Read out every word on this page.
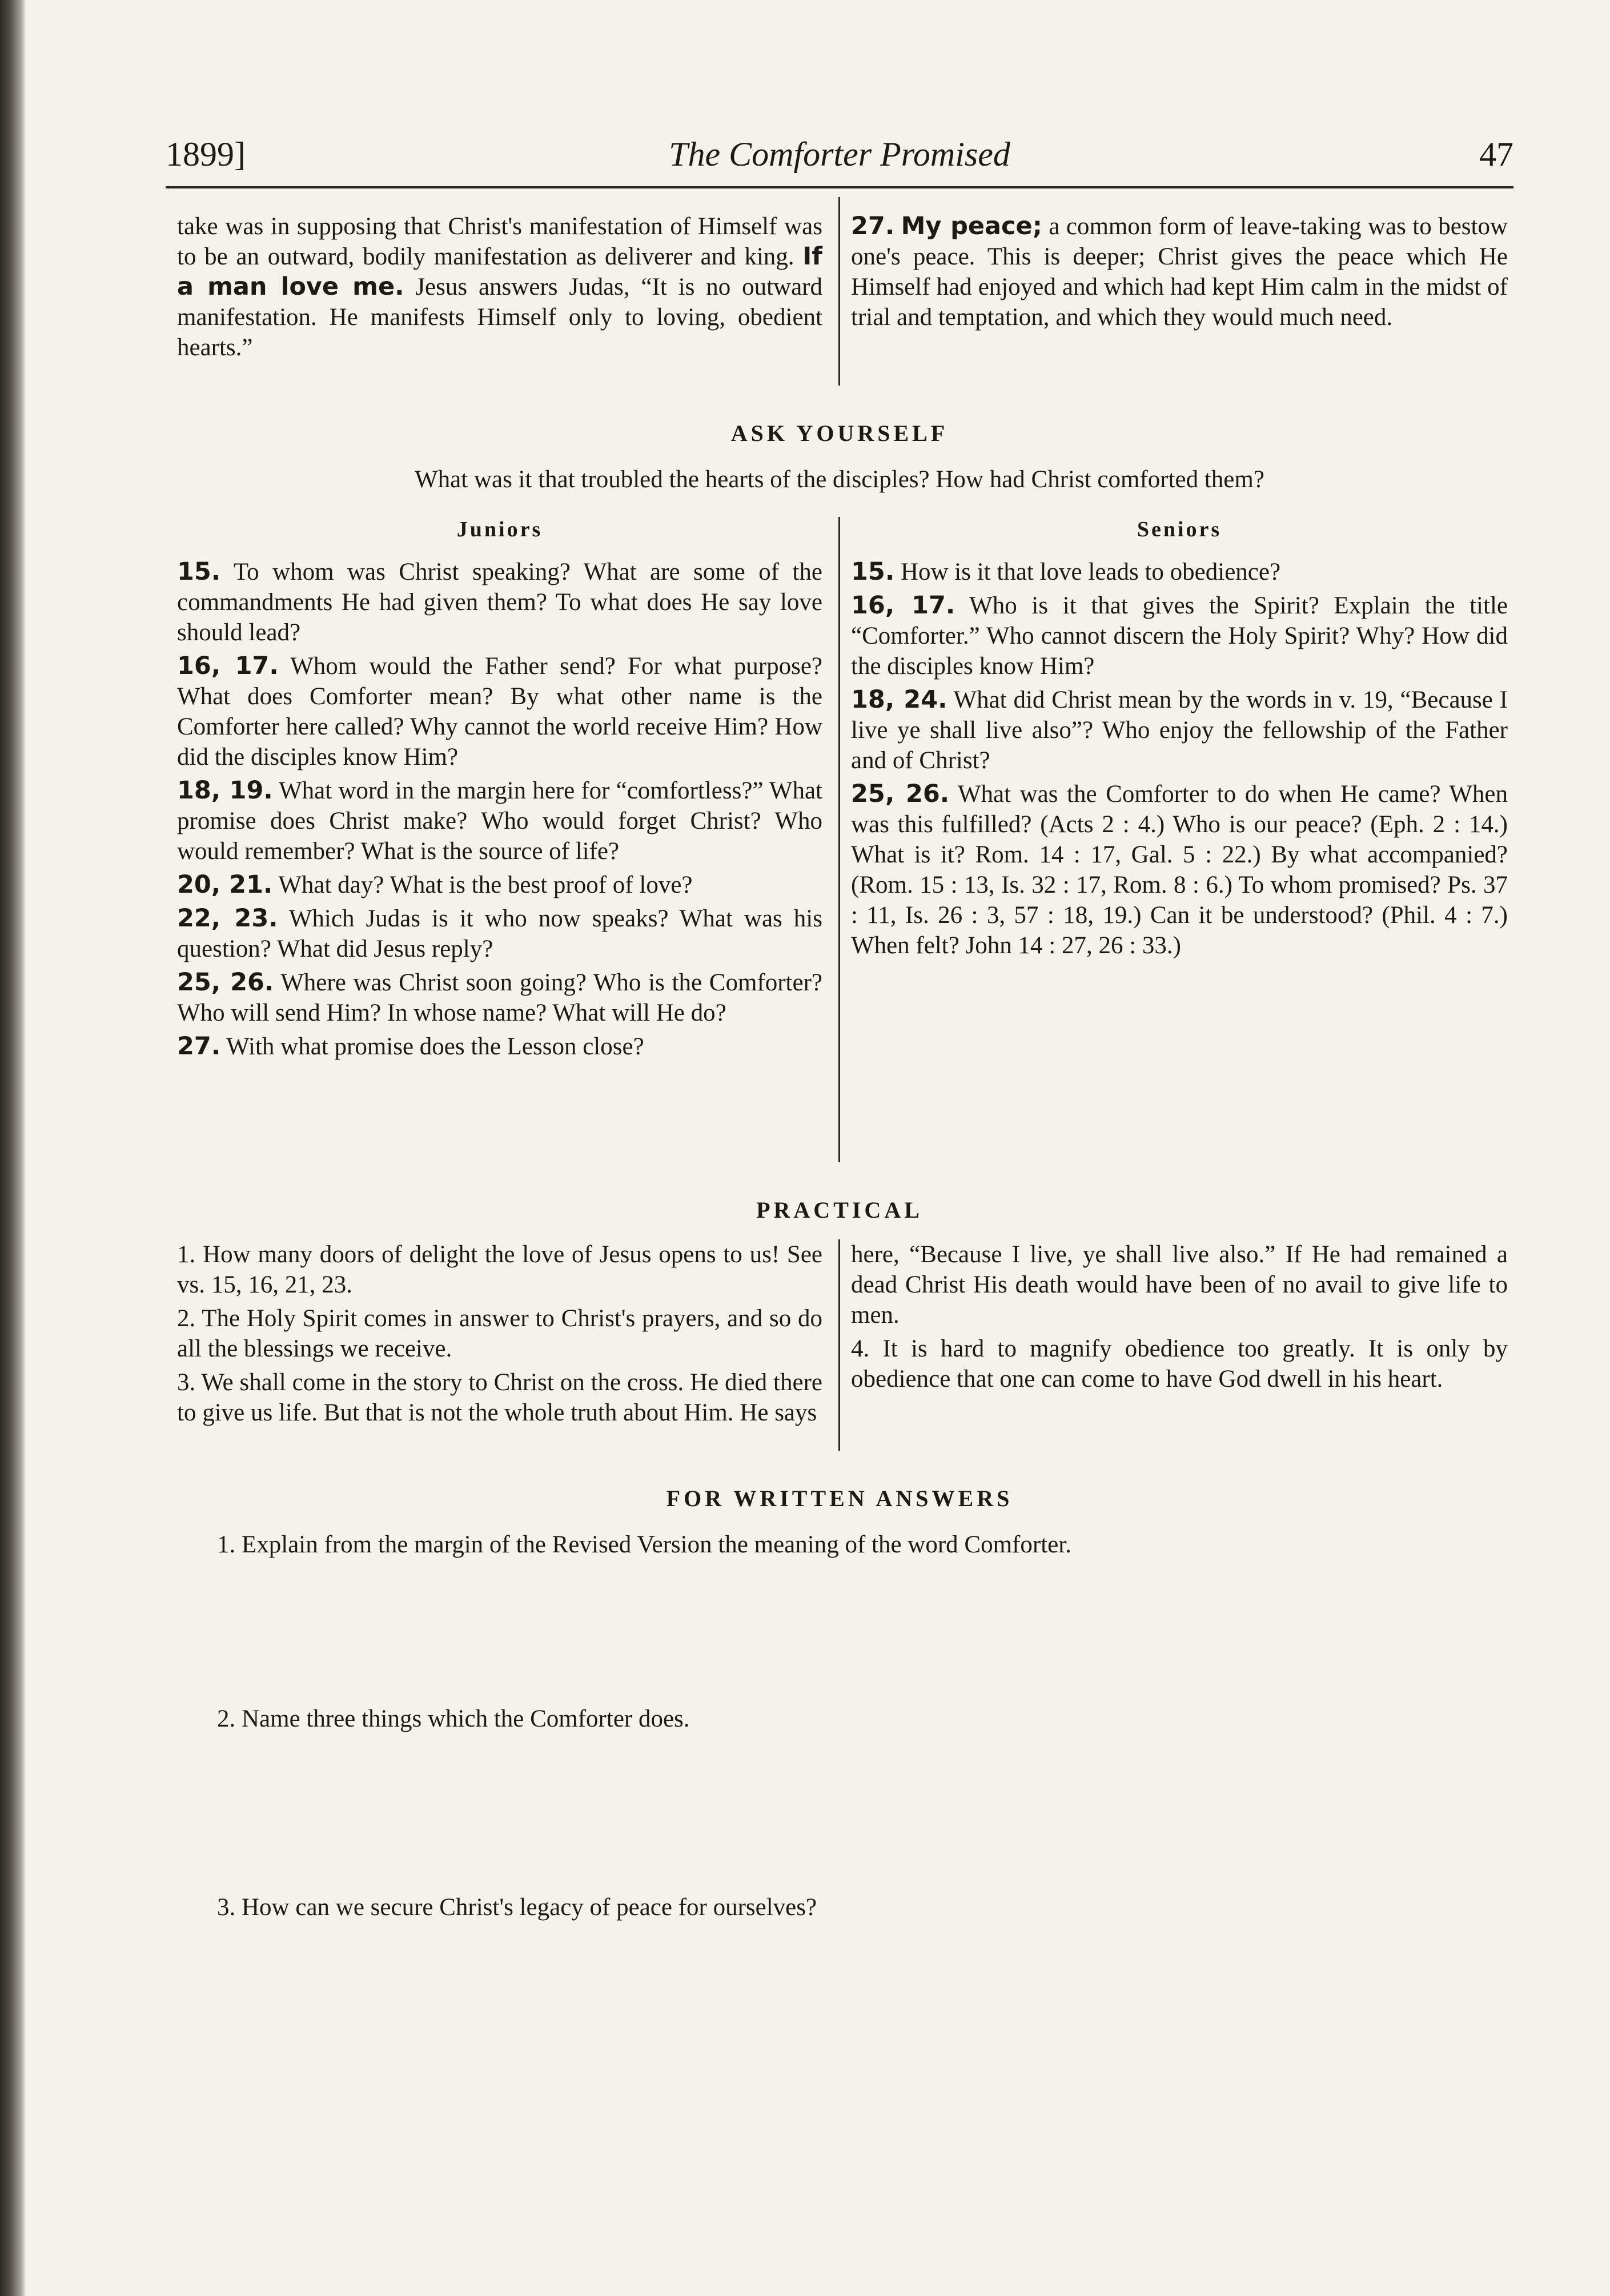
1899]	The Comforter Promised	47

take was in supposing that Christ's manifestation of Himself was to be an outward, bodily manifestation as deliverer and king. If a man love me. Jesus answers Judas, “It is no outward manifestation. He manifests Himself only to loving, obedient hearts.”

27. My peace; a common form of leave-taking was to bestow one's peace. This is deeper; Christ gives the peace which He Himself had enjoyed and which had kept Him calm in the midst of trial and temptation, and which they would much need.

ASK YOURSELF
What was it that troubled the hearts of the disciples? How had Christ comforted them?
Juniors	Seniors

15. To whom was Christ speaking? What are some of the commandments He had given them? To what does He say love should lead?

16, 17. Whom would the Father send? For what purpose? What does Comforter mean? By what other name is the Comforter here called? Why cannot the world receive Him? How did the disciples know Him?

18, 19. What word in the margin here for “comfortless?” What promise does Christ make? Who would forget Christ? Who would remember? What is the source of life?

20, 21. What day? What is the best proof of love?

22, 23. Which Judas is it who now speaks? What was his question? What did Jesus reply?

25, 26. Where was Christ soon going? Who is the Comforter? Who will send Him? In whose name? What will He do?

27. With what promise does the Lesson close?

15. How is it that love leads to obedience?

16, 17. Who is it that gives the Spirit? Explain the title “Comforter.” Who cannot discern the Holy Spirit? Why? How did the disciples know Him?

18, 24. What did Christ mean by the words in v. 19, “Because I live ye shall live also”? Who enjoy the fellowship of the Father and of Christ?

25, 26. What was the Comforter to do when He came? When was this fulfilled? (Acts 2 : 4.) Who is our peace? (Eph. 2 : 14.) What is it? Rom. 14 : 17, Gal. 5 : 22.) By what accompanied? (Rom. 15 : 13, Is. 32 : 17, Rom. 8 : 6.) To whom promised? Ps. 37 : 11, Is. 26 : 3, 57 : 18, 19.) Can it be understood? (Phil. 4 : 7.) When felt? John 14 : 27, 26 : 33.)

PRACTICAL

1. How many doors of delight the love of Jesus opens to us! See vs. 15, 16, 21, 23.

2. The Holy Spirit comes in answer to Christ's prayers, and so do all the blessings we receive.

3. We shall come in the story to Christ on the cross. He died there to give us life. But that is not the whole truth about Him. He says

here, “Because I live, ye shall live also.” If He had remained a dead Christ His death would have been of no avail to give life to men.

4. It is hard to magnify obedience too greatly. It is only by obedience that one can come to have God dwell in his heart.

FOR WRITTEN ANSWERS
1. Explain from the margin of the Revised Version the meaning of the word Comforter.
2. Name three things which the Comforter does.
3. How can we secure Christ's legacy of peace for ourselves?
